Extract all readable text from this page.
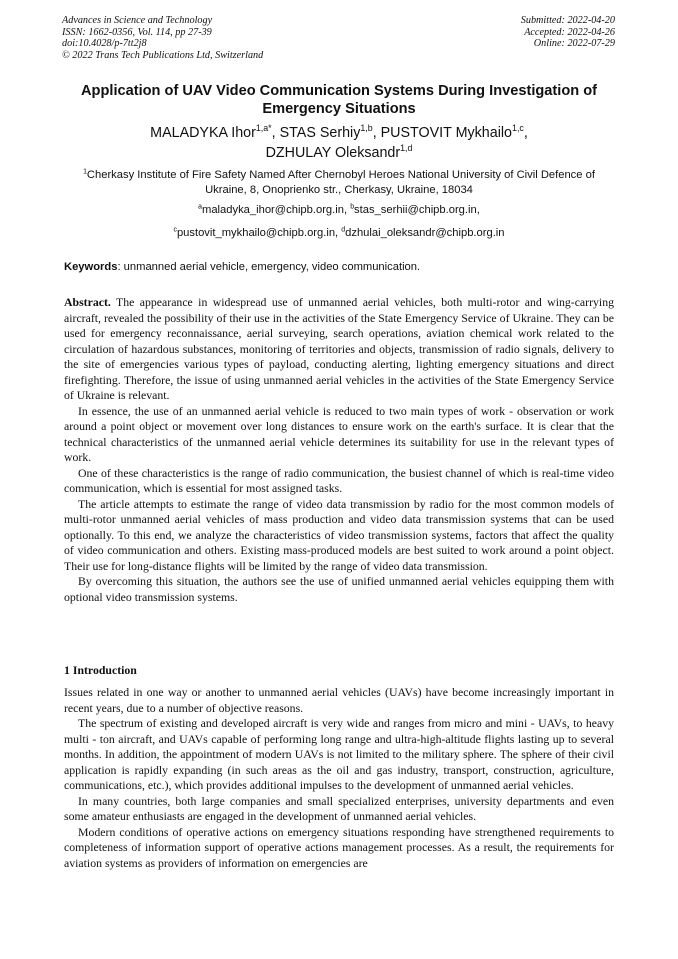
Advances in Science and Technology
ISSN: 1662-0356, Vol. 114, pp 27-39
doi:10.4028/p-7tt2j8
© 2022 Trans Tech Publications Ltd, Switzerland
Submitted: 2022-04-20
Accepted: 2022-04-26
Online: 2022-07-29
Application of UAV Video Communication Systems During Investigation of Emergency Situations
MALADYKA Ihor$^{1,a*}$, STAS Serhiy$^{1,b}$, PUSTOVIT Mykhailo$^{1,c}$,
DZHULAY Oleksandr$^{1,d}$
$^1$Cherkasy Institute of Fire Safety Named After Chernobyl Heroes National University of Civil Defence of Ukraine, 8, Onoprienko str., Cherkasy, Ukraine, 18034
$^a$maladyka_ihor@chipb.org.in, $^b$stas_serhii@chipb.org.in,
$^c$pustovit_mykhailo@chipb.org.in, $^d$dzhulai_oleksandr@chipb.org.in
Keywords: unmanned aerial vehicle, emergency, video communication.

Abstract. The appearance in widespread use of unmanned aerial vehicles, both multi-rotor and wing-carrying aircraft, revealed the possibility of their use in the activities of the State Emergency Service of Ukraine. They can be used for emergency reconnaissance, aerial surveying, search operations, aviation chemical work related to the circulation of hazardous substances, monitoring of territories and objects, transmission of radio signals, delivery to the site of emergencies various types of payload, conducting alerting, lighting emergency situations and direct firefighting. Therefore, the issue of using unmanned aerial vehicles in the activities of the State Emergency Service of Ukraine is relevant.

In essence, the use of an unmanned aerial vehicle is reduced to two main types of work - observation or work around a point object or movement over long distances to ensure work on the earth's surface. It is clear that the technical characteristics of the unmanned aerial vehicle determines its suitability for use in the relevant types of work.

One of these characteristics is the range of radio communication, the busiest channel of which is real-time video communication, which is essential for most assigned tasks.

The article attempts to estimate the range of video data transmission by radio for the most common models of multi-rotor unmanned aerial vehicles of mass production and video data transmission systems that can be used optionally. To this end, we analyze the characteristics of video transmission systems, factors that affect the quality of video communication and others. Existing mass-produced models are best suited to work around a point object. Their use for long-distance flights will be limited by the range of video data transmission.

By overcoming this situation, the authors see the use of unified unmanned aerial vehicles equipping them with optional video transmission systems.

1 Introduction

Issues related in one way or another to unmanned aerial vehicles (UAVs) have become increasingly important in recent years, due to a number of objective reasons.

The spectrum of existing and developed aircraft is very wide and ranges from micro and mini - UAVs, to heavy multi - ton aircraft, and UAVs capable of performing long range and ultra-high-altitude flights lasting up to several months. In addition, the appointment of modern UAVs is not limited to the military sphere. The sphere of their civil application is rapidly expanding (in such areas as the oil and gas industry, transport, construction, agriculture, communications, etc.), which provides additional impulses to the development of unmanned aerial vehicles.

In many countries, both large companies and small specialized enterprises, university departments and even some amateur enthusiasts are engaged in the development of unmanned aerial vehicles.

Modern conditions of operative actions on emergency situations responding have strengthened requirements to completeness of information support of operative actions management processes. As a result, the requirements for aviation systems as providers of information on emergencies are
